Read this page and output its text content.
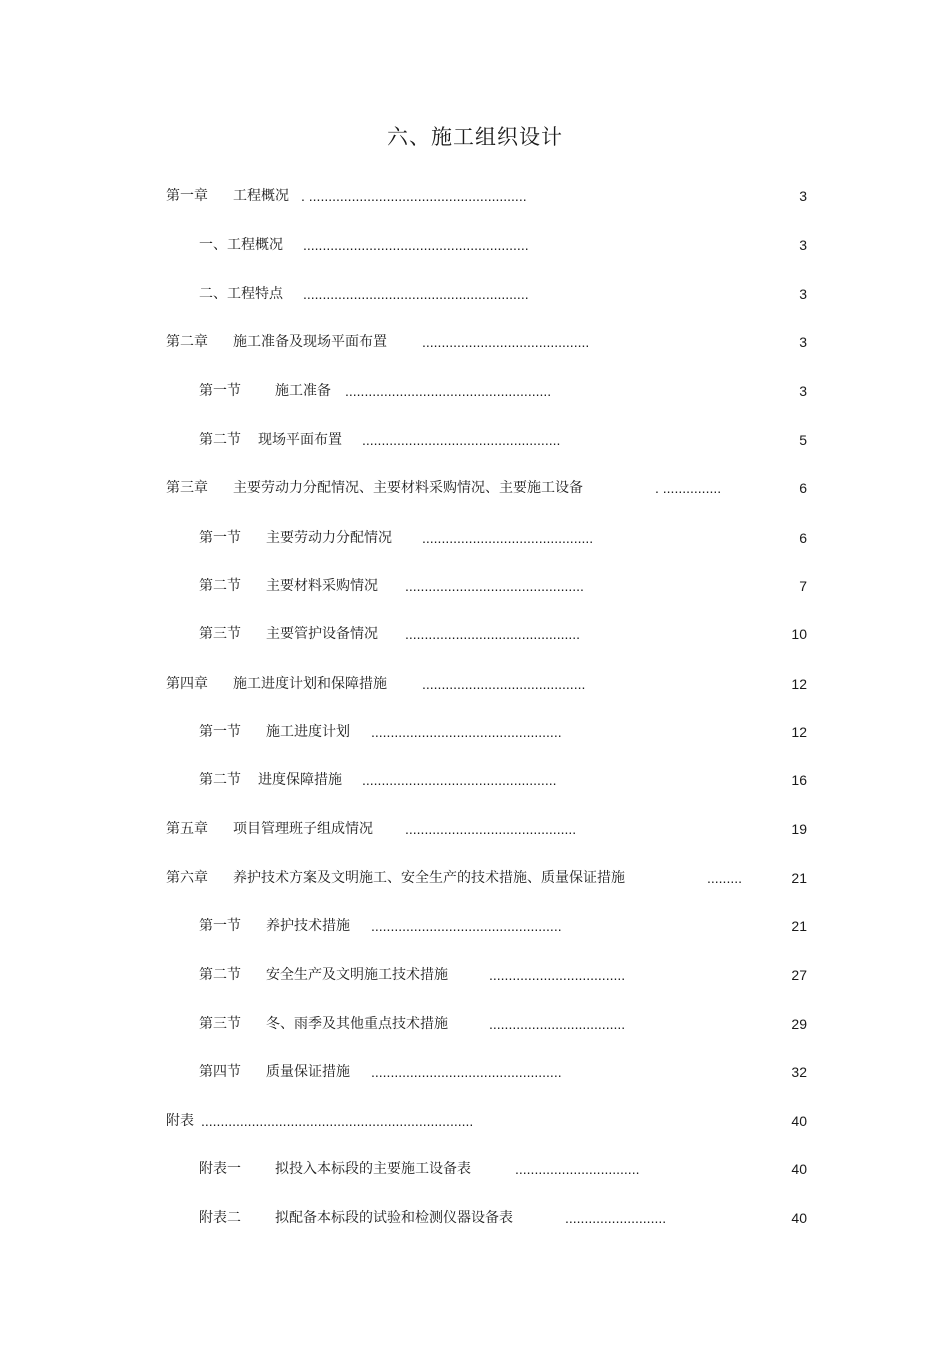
六、施工组织设计
第一章 工程概况 . ........................................................	3
一、工程概况 ..........................................................	3
二、工程特点 ..........................................................	3
第二章 施工准备及现场平面布置	...........................................	3
第一节 施工准备 .....................................................	3
第二节 现场平面布置 ...................................................	5
第三章 主要劳动力分配情况、主要材料采购情况、主要施工设备	. ...............	6
第一节 主要劳动力分配情况 ............................................	6
第二节 主要材料采购情况 ..............................................	7
第三节 主要管护设备情况 .............................................	10
第四章 施工进度计划和保障措施	..........................................	12
第一节 施工进度计划 .................................................	12
第二节 进度保障措施 ..................................................	16
第五章 项目管理班子组成情况 ............................................	19
第六章 养护技术方案及文明施工、安全生产的技术措施、质量保证措施	.........	21
第一节 养护技术措施 .................................................	21
第二节 安全生产及文明施工技术措施	...................................	27
第三节 冬、雨季及其他重点技术措施	...................................	29
第四节 质量保证措施 .................................................	32
附表 ......................................................................	40
附表一 拟投入本标段的主要施工设备表	................................	40
附表二 拟配备本标段的试验和检测仪器设备表	..........................	40
